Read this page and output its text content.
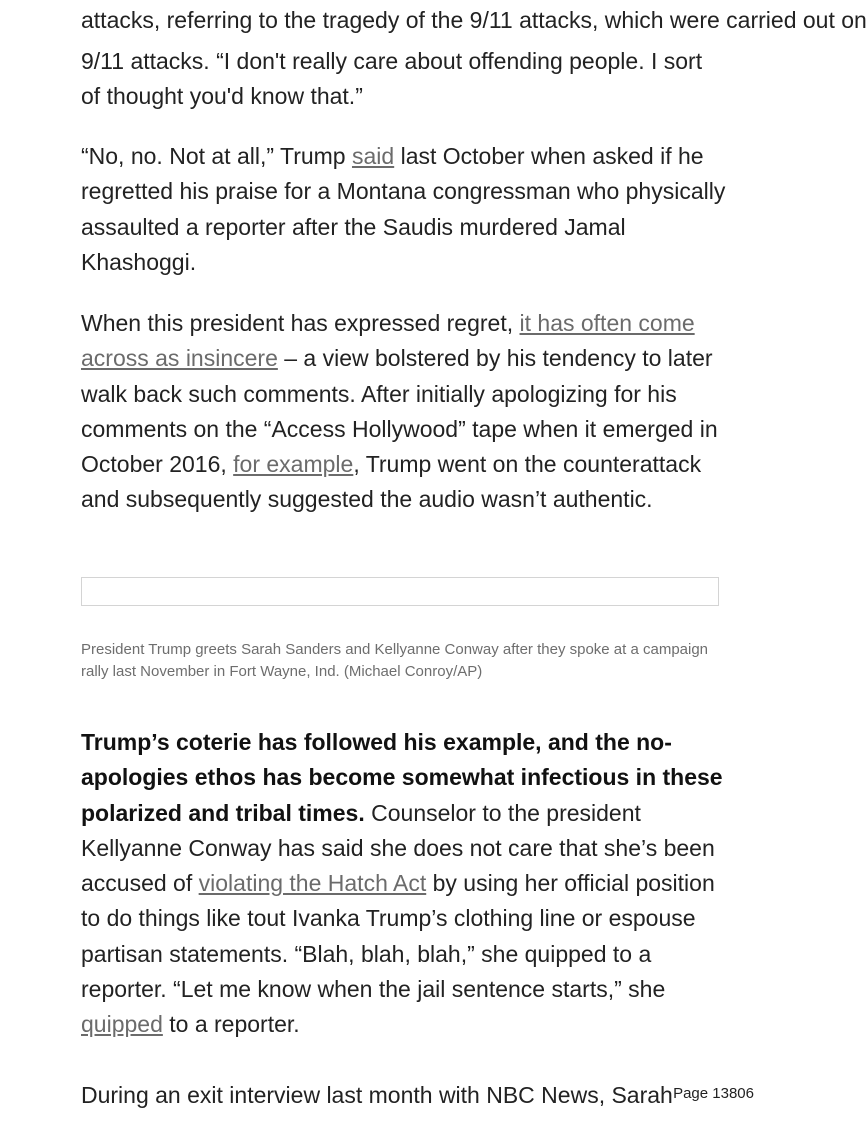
attacks, referring to the tragedy of the 9/11 attacks, which were carried out on

9/11 attacks. “I don't really care about offending people. I sort of thought you'd know that.”

“No, no. Not at all,” Trump said last October when asked if he regretted his praise for a Montana congressman who physically assaulted a reporter after the Saudis murdered Jamal Khashoggi.

When this president has expressed regret, it has often come across as insincere – a view bolstered by his tendency to later walk back such comments. After initially apologizing for his comments on the “Access Hollywood” tape when it emerged in October 2016, for example, Trump went on the counterattack and subsequently suggested the audio wasn’t authentic.

President Trump greets Sarah Sanders and Kellyanne Conway after they spoke at a campaign rally last November in Fort Wayne, Ind. (Michael Conroy/AP)

Trump’s coterie has followed his example, and the no-apologies ethos has become somewhat infectious in these polarized and tribal times. Counselor to the president Kellyanne Conway has said she does not care that she’s been accused of violating the Hatch Act by using her official position to do things like tout Ivanka Trump’s clothing line or espouse partisan statements. “Blah, blah, blah,” she quipped to a reporter. “Let me know when the jail sentence starts,” she quipped to a reporter.

During an exit interview last month with NBC News, Sarah Page 13806
